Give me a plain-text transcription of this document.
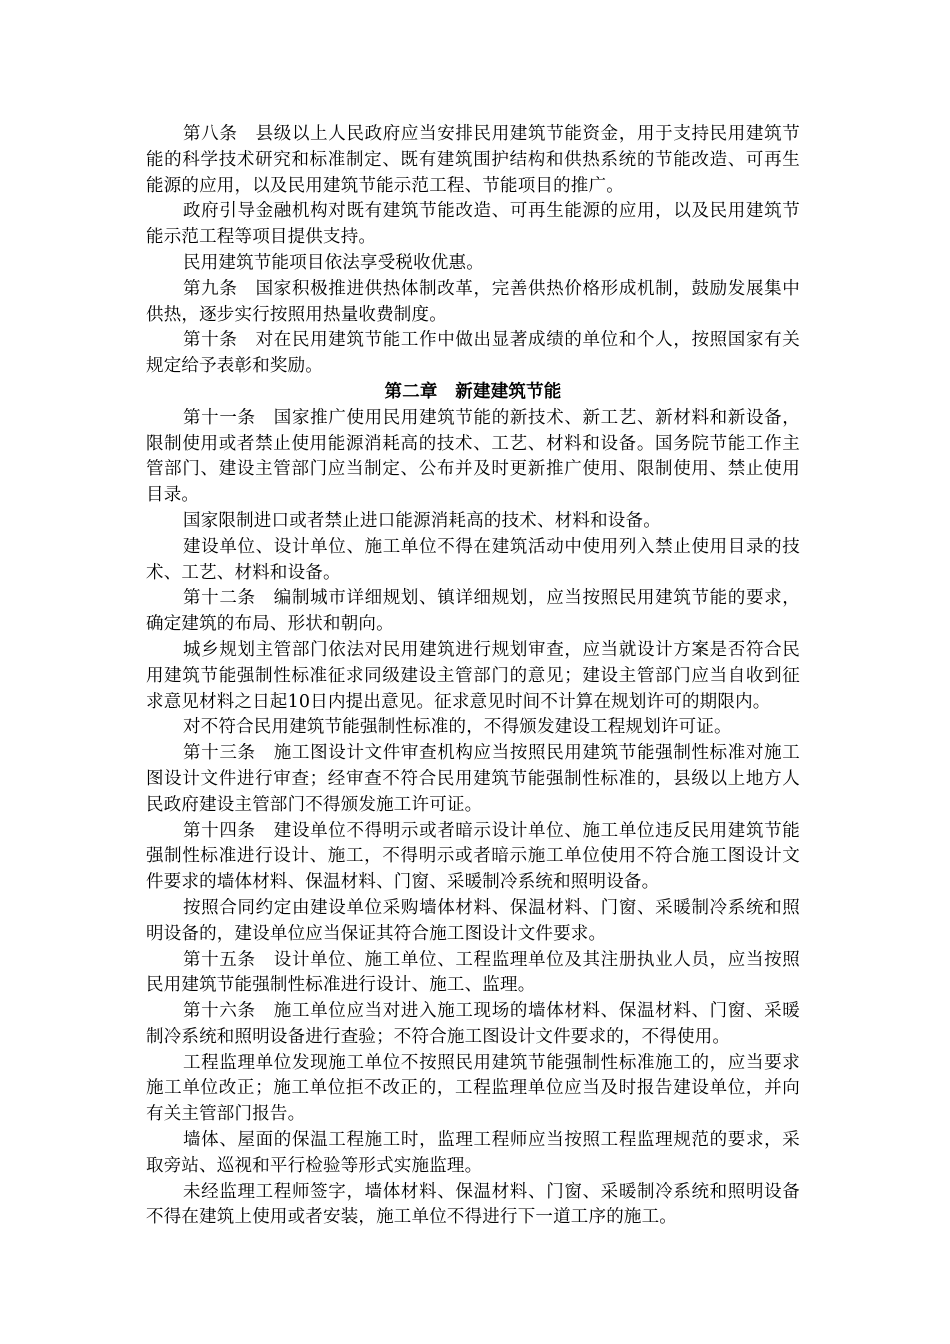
第八条　县级以上人民政府应当安排民用建筑节能资金，用于支持民用建筑节能的科学技术研究和标准制定、既有建筑围护结构和供热系统的节能改造、可再生能源的应用，以及民用建筑节能示范工程、节能项目的推广。

政府引导金融机构对既有建筑节能改造、可再生能源的应用，以及民用建筑节能示范工程等项目提供支持。

民用建筑节能项目依法享受税收优惠。

第九条　国家积极推进供热体制改革，完善供热价格形成机制，鼓励发展集中供热，逐步实行按照用热量收费制度。

第十条　对在民用建筑节能工作中做出显著成绩的单位和个人，按照国家有关规定给予表彰和奖励。

第二章　新建建筑节能

第十一条　国家推广使用民用建筑节能的新技术、新工艺、新材料和新设备，限制使用或者禁止使用能源消耗高的技术、工艺、材料和设备。国务院节能工作主管部门、建设主管部门应当制定、公布并及时更新推广使用、限制使用、禁止使用目录。

国家限制进口或者禁止进口能源消耗高的技术、材料和设备。

建设单位、设计单位、施工单位不得在建筑活动中使用列入禁止使用目录的技术、工艺、材料和设备。

第十二条　编制城市详细规划、镇详细规划，应当按照民用建筑节能的要求，确定建筑的布局、形状和朝向。

城乡规划主管部门依法对民用建筑进行规划审查，应当就设计方案是否符合民用建筑节能强制性标准征求同级建设主管部门的意见；建设主管部门应当自收到征求意见材料之日起10日内提出意见。征求意见时间不计算在规划许可的期限内。

对不符合民用建筑节能强制性标准的，不得颁发建设工程规划许可证。

第十三条　施工图设计文件审查机构应当按照民用建筑节能强制性标准对施工图设计文件进行审查；经审查不符合民用建筑节能强制性标准的，县级以上地方人民政府建设主管部门不得颁发施工许可证。

第十四条　建设单位不得明示或者暗示设计单位、施工单位违反民用建筑节能强制性标准进行设计、施工，不得明示或者暗示施工单位使用不符合施工图设计文件要求的墙体材料、保温材料、门窗、采暖制冷系统和照明设备。

按照合同约定由建设单位采购墙体材料、保温材料、门窗、采暖制冷系统和照明设备的，建设单位应当保证其符合施工图设计文件要求。

第十五条　设计单位、施工单位、工程监理单位及其注册执业人员，应当按照民用建筑节能强制性标准进行设计、施工、监理。

第十六条　施工单位应当对进入施工现场的墙体材料、保温材料、门窗、采暖制冷系统和照明设备进行查验；不符合施工图设计文件要求的，不得使用。

工程监理单位发现施工单位不按照民用建筑节能强制性标准施工的，应当要求施工单位改正；施工单位拒不改正的，工程监理单位应当及时报告建设单位，并向有关主管部门报告。

墙体、屋面的保温工程施工时，监理工程师应当按照工程监理规范的要求，采取旁站、巡视和平行检验等形式实施监理。

未经监理工程师签字，墙体材料、保温材料、门窗、采暖制冷系统和照明设备不得在建筑上使用或者安装，施工单位不得进行下一道工序的施工。
